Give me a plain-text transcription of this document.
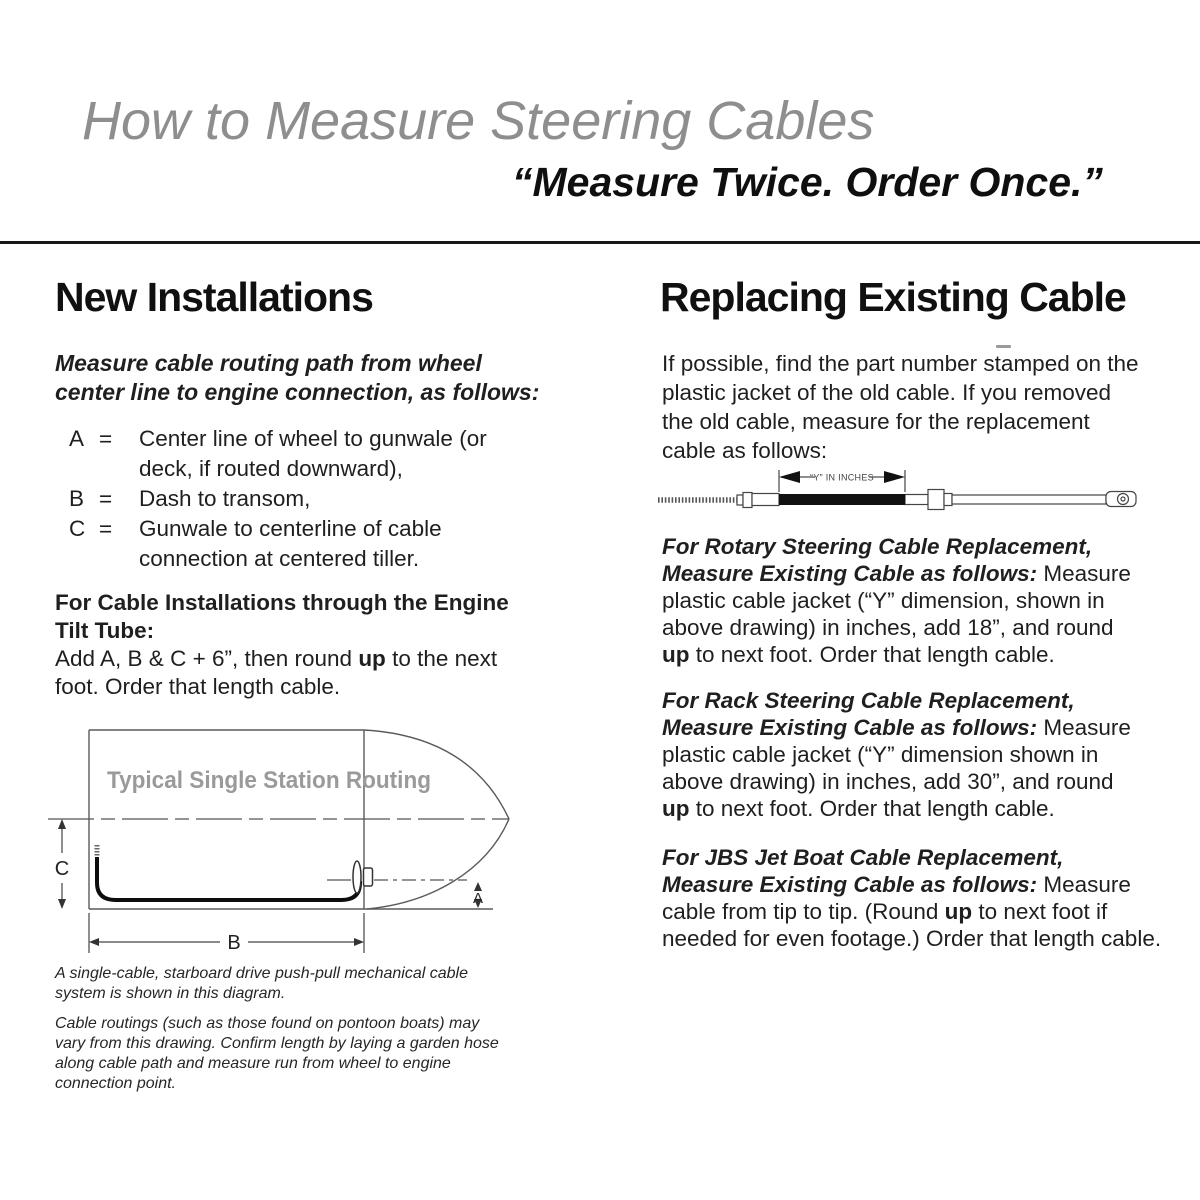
How to Measure Steering Cables
“Measure Twice. Order Once.”
New Installations
Measure cable routing path from wheel
center line to engine connection, as follows:
A =	Center line of wheel to gunwale (or
deck, if routed downward),
B =	Dash to transom,
C =	Gunwale to centerline of cable
connection at centered tiller.
For Cable Installations through the Engine
Tilt Tube:
Add A, B & C + 6”, then round up to the next
foot. Order that length cable.
Typical Single Station Routing
C
B
A
A single-cable, starboard drive push-pull mechanical cable
system is shown in this diagram.
Cable routings (such as those found on pontoon boats) may
vary from this drawing. Confirm length by laying a garden hose
along cable path and measure run from wheel to engine
connection point.
Replacing Existing Cable
If possible, find the part number stamped on the
plastic jacket of the old cable. If you removed
the old cable, measure for the replacement
cable as follows:
“Y” IN INCHES
For Rotary Steering Cable Replacement,
Measure Existing Cable as follows: Measure
plastic cable jacket (“Y” dimension, shown in
above drawing) in inches, add 18”, and round
up to next foot. Order that length cable.
For Rack Steering Cable Replacement,
Measure Existing Cable as follows: Measure
plastic cable jacket (“Y” dimension shown in
above drawing) in inches, add 30”, and round
up to next foot. Order that length cable.
For JBS Jet Boat Cable Replacement,
Measure Existing Cable as follows: Measure
cable from tip to tip. (Round up to next foot if
needed for even footage.) Order that length cable.
